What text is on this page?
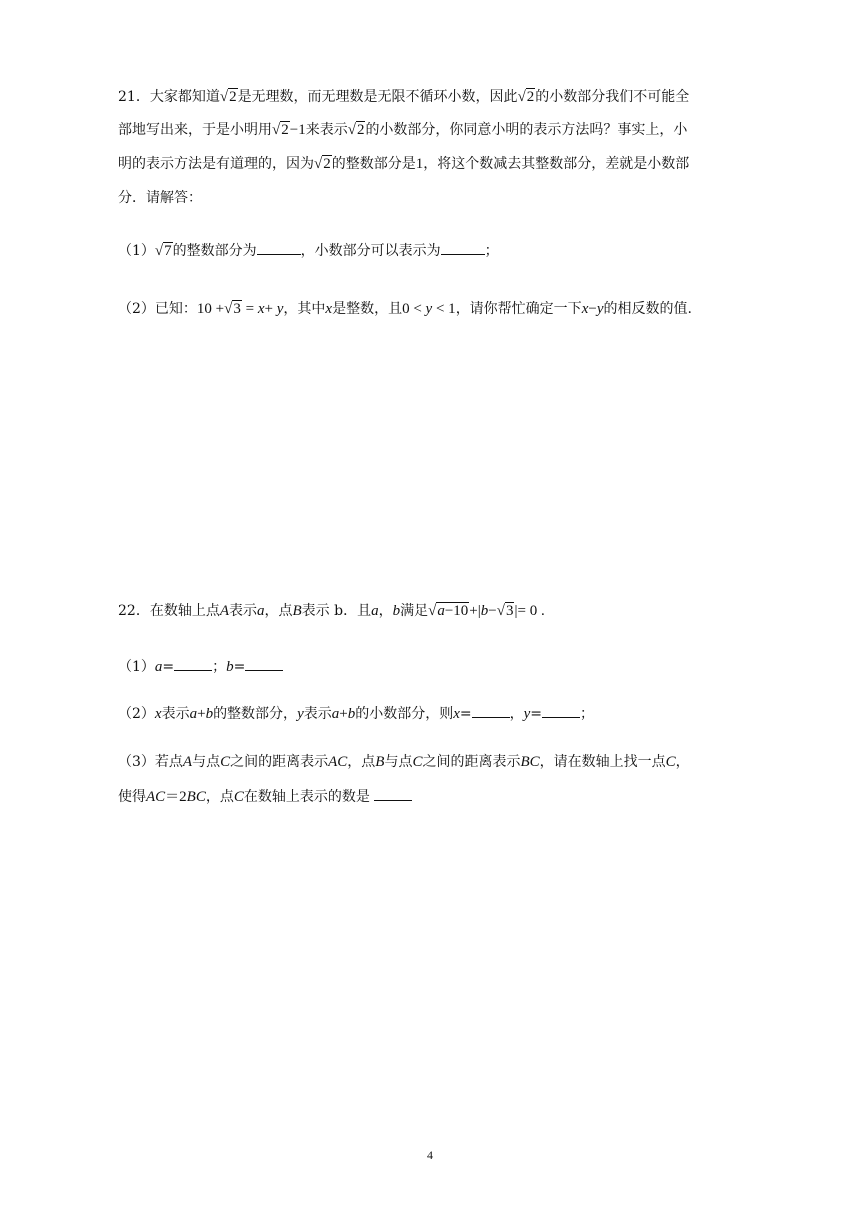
21．大家都知道√2是无理数，而无理数是无限不循环小数，因此√2的小数部分我们不可能全
部地写出来，于是小明用√2−1来表示√2的小数部分，你同意小明的表示方法吗？事实上，小
明的表示方法是有道理的，因为√2的整数部分是1，将这个数减去其整数部分，差就是小数部
分．请解答：
（1）√7的整数部分为	，小数部分可以表示为	；
（2）已知：10 +√3 = x+ y，其中x是整数，且0 < y < 1，请你帮忙确定一下x−y的相反数的值.
22．在数轴上点A表示a，点B表示 b．且a，b满足√a−10+|b−√3|= 0 .
（1）a=	；b=
（2）x表示a+b的整数部分，y表示a+b的小数部分，则x=	，y=	；
（3）若点A与点C之间的距离表示AC，点B与点C之间的距离表示BC，请在数轴上找一点C，
使得AC＝2BC，点C在数轴上表示的数是
4
